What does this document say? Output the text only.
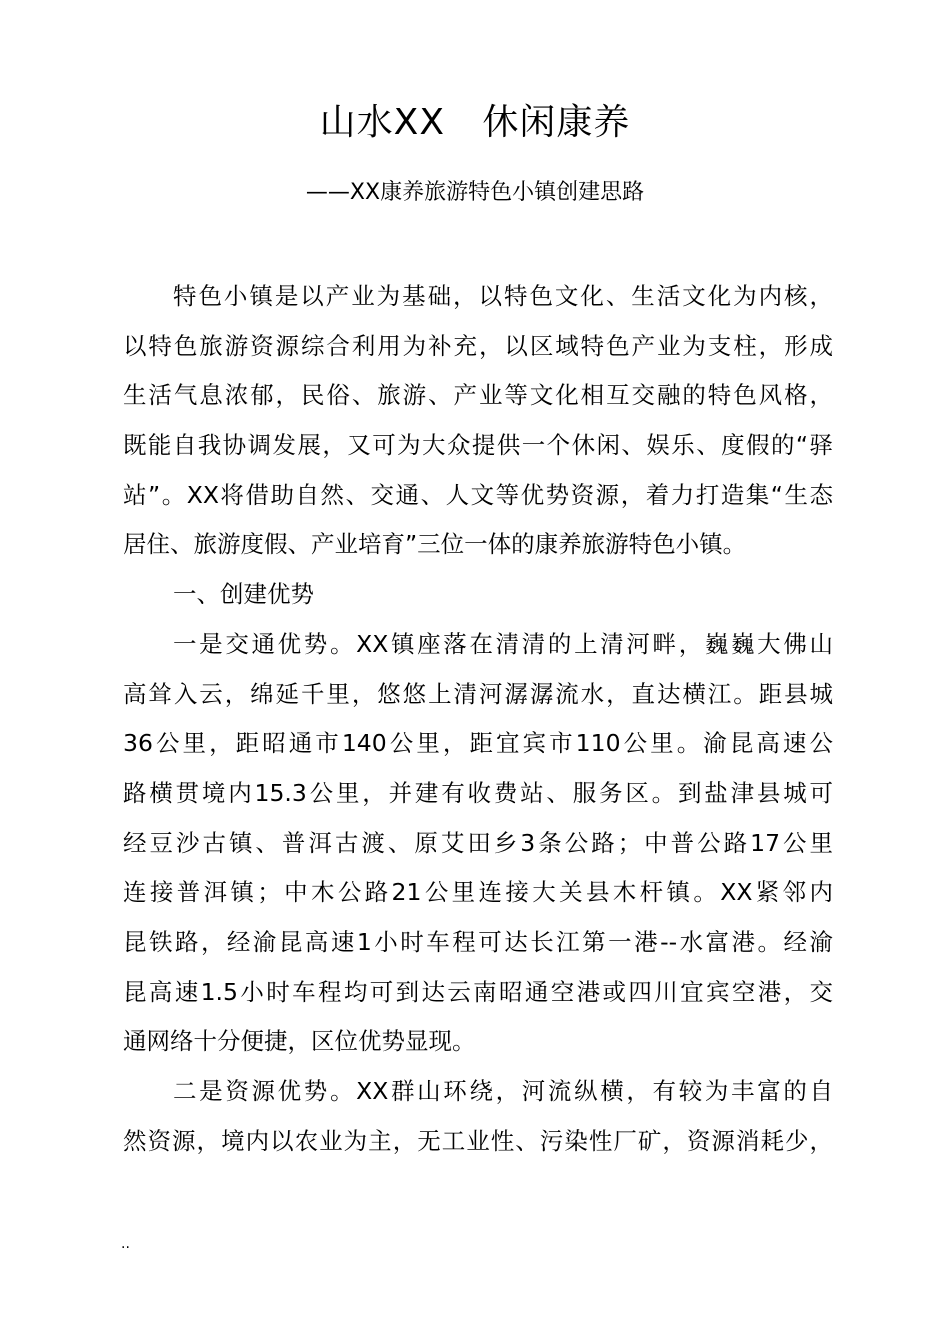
山水XX   休闲康养
——XX康养旅游特色小镇创建思路
特色小镇是以产业为基础，以特色文化、生活文化为内核，
以特色旅游资源综合利用为补充，以区域特色产业为支柱，形成
生活气息浓郁，民俗、旅游、产业等文化相互交融的特色风格，
既能自我协调发展，又可为大众提供一个休闲、娱乐、度假的“驿
站”。XX将借助自然、交通、人文等优势资源，着力打造集“生态
居住、旅游度假、产业培育”三位一体的康养旅游特色小镇。
一、创建优势
一是交通优势。XX镇座落在清清的上清河畔，巍巍大佛山
高耸入云，绵延千里，悠悠上清河潺潺流水，直达横江。距县城
36公里，距昭通市140公里，距宜宾市110公里。渝昆高速公
路横贯境内15.3公里，并建有收费站、服务区。到盐津县城可
经豆沙古镇、普洱古渡、原艾田乡3条公路；中普公路17公里
连接普洱镇；中木公路21公里连接大关县木杆镇。XX紧邻内
昆铁路，经渝昆高速1小时车程可达长江第一港--水富港。经渝
昆高速1.5小时车程均可到达云南昭通空港或四川宜宾空港，交
通网络十分便捷，区位优势显现。
二是资源优势。XX群山环绕，河流纵横，有较为丰富的自
然资源，境内以农业为主，无工业性、污染性厂矿，资源消耗少，
..
